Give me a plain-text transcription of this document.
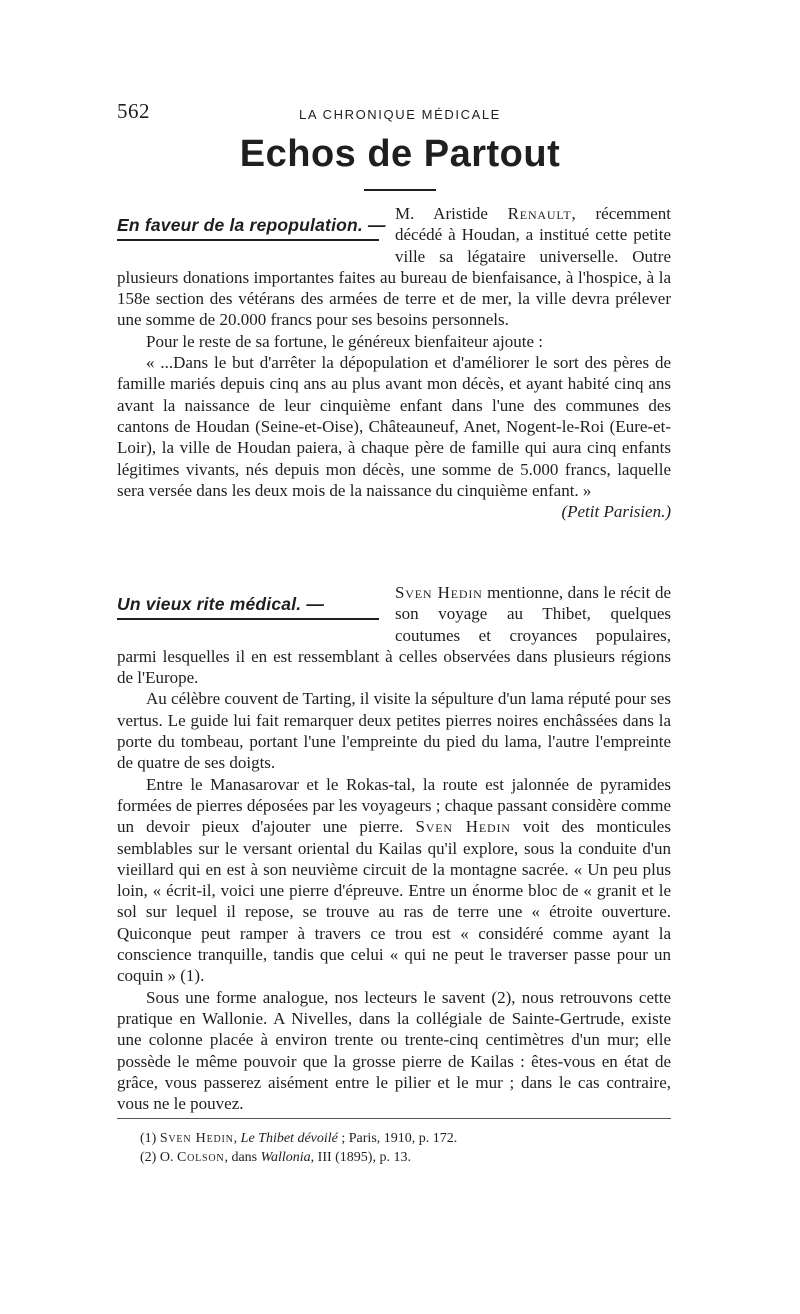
562	LA CHRONIQUE MÉDICALE
Echos de Partout
En faveur de la repopulation. —

M. Aristide Renault, récemment décédé à Houdan, a institué cette petite ville sa légataire universelle. Outre plusieurs donations importantes faites au bureau de bienfaisance, à l'hospice, à la 158e section des vétérans des armées de terre et de mer, la ville devra prélever une somme de 20.000 francs pour ses besoins personnels.

Pour le reste de sa fortune, le généreux bienfaiteur ajoute :

« ...Dans le but d'arrêter la dépopulation et d'améliorer le sort des pères de famille mariés depuis cinq ans au plus avant mon décès, et ayant habité cinq ans avant la naissance de leur cinquième enfant dans l'une des communes des cantons de Houdan (Seine-et-Oise), Châteauneuf, Anet, Nogent-le-Roi (Eure-et-Loir), la ville de Houdan paiera, à chaque père de famille qui aura cinq enfants légitimes vivants, nés depuis mon décès, une somme de 5.000 francs, laquelle sera versée dans les deux mois de la naissance du cinquième enfant. »
(Petit Parisien.)

Un vieux rite médical. —

Sven Hedin mentionne, dans le récit de son voyage au Thibet, quelques coutumes et croyances populaires, parmi lesquelles il en est ressemblant à celles observées dans plusieurs régions de l'Europe.

Au célèbre couvent de Tarting, il visite la sépulture d'un lama réputé pour ses vertus. Le guide lui fait remarquer deux petites pierres noires enchâssées dans la porte du tombeau, portant l'une l'empreinte du pied du lama, l'autre l'empreinte de quatre de ses doigts.

Entre le Manasarovar et le Rokas-tal, la route est jalonnée de pyramides formées de pierres déposées par les voyageurs ; chaque passant considère comme un devoir pieux d'ajouter une pierre. Sven Hedin voit des monticules semblables sur le versant oriental du Kailas qu'il explore, sous la conduite d'un vieillard qui en est à son neuvième circuit de la montagne sacrée. « Un peu plus loin, « écrit-il, voici une pierre d'épreuve. Entre un énorme bloc de « granit et le sol sur lequel il repose, se trouve au ras de terre une « étroite ouverture. Quiconque peut ramper à travers ce trou est « considéré comme ayant la conscience tranquille, tandis que celui « qui ne peut le traverser passe pour un coquin » (1).

Sous une forme analogue, nos lecteurs le savent (2), nous retrouvons cette pratique en Wallonie. A Nivelles, dans la collégiale de Sainte-Gertrude, existe une colonne placée à environ trente ou trente-cinq centimètres d'un mur; elle possède le même pouvoir que la grosse pierre de Kailas : êtes-vous en état de grâce, vous passerez aisément entre le pilier et le mur ; dans le cas contraire, vous ne le pouvez.

(1) Sven Hedin, Le Thibet dévoilé ; Paris, 1910, p. 172.
(2) O. Colson, dans Wallonia, III (1895), p. 13.
